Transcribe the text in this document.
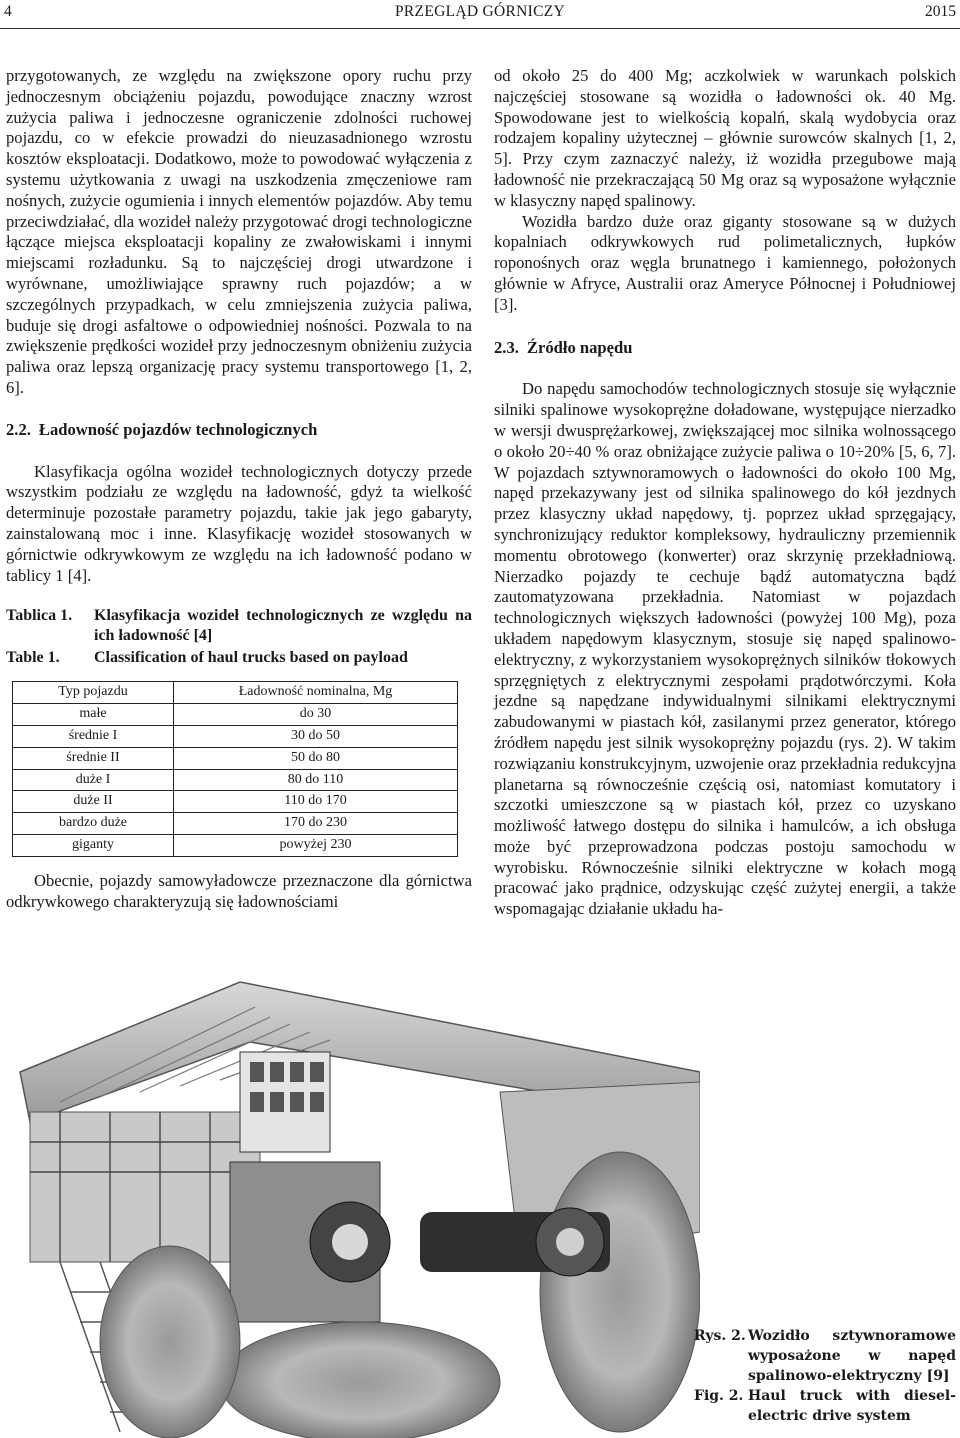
4	PRZEGLĄD GÓRNICZY	2015

przygotowanych, ze względu na zwiększone opory ruchu przy jednoczesnym obciążeniu pojazdu, powodujące znaczny wzrost zużycia paliwa i jednoczesne ograniczenie zdolności ruchowej pojazdu, co w efekcie prowadzi do nieuzasadnionego wzrostu kosztów eksploatacji. Dodatkowo, może to powodować wyłączenia z systemu użytkowania z uwagi na uszkodzenia zmęczeniowe ram nośnych, zużycie ogumienia i innych elementów pojazdów. Aby temu przeciwdziałać, dla wozideł należy przygotować drogi technologiczne łączące miejsca eksploatacji kopaliny ze zwałowiskami i innymi miejscami rozładunku. Są to najczęściej drogi utwardzone i wyrównane, umożliwiające sprawny ruch pojazdów; a w szczególnych przypadkach, w celu zmniejszenia zużycia paliwa, buduje się drogi asfaltowe o odpowiedniej nośności. Pozwala to na zwiększenie prędkości wozideł przy jednoczesnym obniżeniu zużycia paliwa oraz lepszą organizację pracy systemu transportowego [1, 2, 6].

2.2. Ładowność pojazdów technologicznych

Klasyfikacja ogólna wozideł technologicznych dotyczy przede wszystkim podziału ze względu na ładowność, gdyż ta wielkość determinuje pozostałe parametry pojazdu, takie jak jego gabaryty, zainstalowaną moc i inne. Klasyfikację wozideł stosowanych w górnictwie odkrywkowym ze względu na ich ładowność podano w tablicy 1 [4].

Tablica 1.	Klasyfikacja wozideł technologicznych ze względu na ich ładowność [4]
Table 1.	Classification of haul trucks based on payload
Typ pojazdu	Ładowność nominalna, Mg
małe	do 30
średnie I	30 do 50
średnie II	50 do 80
duże I	80 do 110
duże II	110 do 170
bardzo duże	170 do 230
giganty	powyżej 230

Obecnie, pojazdy samowyładowcze przeznaczone dla górnictwa odkrywkowego charakteryzują się ładownościami

od około 25 do 400 Mg; aczkolwiek w warunkach polskich najczęściej stosowane są wozidła o ładowności ok. 40 Mg. Spowodowane jest to wielkością kopalń, skalą wydobycia oraz rodzajem kopaliny użytecznej – głównie surowców skalnych [1, 2, 5]. Przy czym zaznaczyć należy, iż wozidła przegubowe mają ładowność nie przekraczającą 50 Mg oraz są wyposażone wyłącznie w klasyczny napęd spalinowy.

Wozidła bardzo duże oraz giganty stosowane są w dużych kopalniach odkrywkowych rud polimetalicznych, łupków roponośnych oraz węgla brunatnego i kamiennego, położonych głównie w Afryce, Australii oraz Ameryce Północnej i Południowej [3].

2.3. Źródło napędu

Do napędu samochodów technologicznych stosuje się wyłącznie silniki spalinowe wysokoprężne doładowane, występujące nierzadko w wersji dwusprężarkowej, zwiększającej moc silnika wolnossącego o około 20÷40 % oraz obniżające zużycie paliwa o 10÷20% [5, 6, 7]. W pojazdach sztywnoramowych o ładowności do około 100 Mg, napęd przekazywany jest od silnika spalinowego do kół jezdnych przez klasyczny układ napędowy, tj. poprzez układ sprzęgający, synchronizujący reduktor kompleksowy, hydrauliczny przemiennik momentu obrotowego (konwerter) oraz skrzynię przekładniową. Nierzadko pojazdy te cechuje bądź automatyczna bądź zautomatyzowana przekładnia. Natomiast w pojazdach technologicznych większych ładowności (powyżej 100 Mg), poza układem napędowym klasycznym, stosuje się napęd spalinowo-elektryczny, z wykorzystaniem wysokoprężnych silników tłokowych sprzęgniętych z elektrycznymi zespołami prądotwórczymi. Koła jezdne są napędzane indywidualnymi silnikami elektrycznymi zabudowanymi w piastach kół, zasilanymi przez generator, którego źródłem napędu jest silnik wysokoprężny pojazdu (rys. 2). W takim rozwiązaniu konstrukcyjnym, uzwojenie oraz przekładnia redukcyjna planetarna są równocześnie częścią osi, natomiast komutatory i szczotki umieszczone są w piastach kół, przez co uzyskano możliwość łatwego dostępu do silnika i hamulców, a ich obsługa może być przeprowadzona podczas postoju samochodu w wyrobisku. Równocześnie silniki elektryczne w kołach mogą pracować jako prądnice, odzyskując część zużytej energii, a także wspomagając działanie układu ha-

Rys. 2. Wozidło sztywnoramowe wyposażone w napęd spalinowo-elektryczny [9]
Fig. 2. Haul truck with diesel-electric drive system
